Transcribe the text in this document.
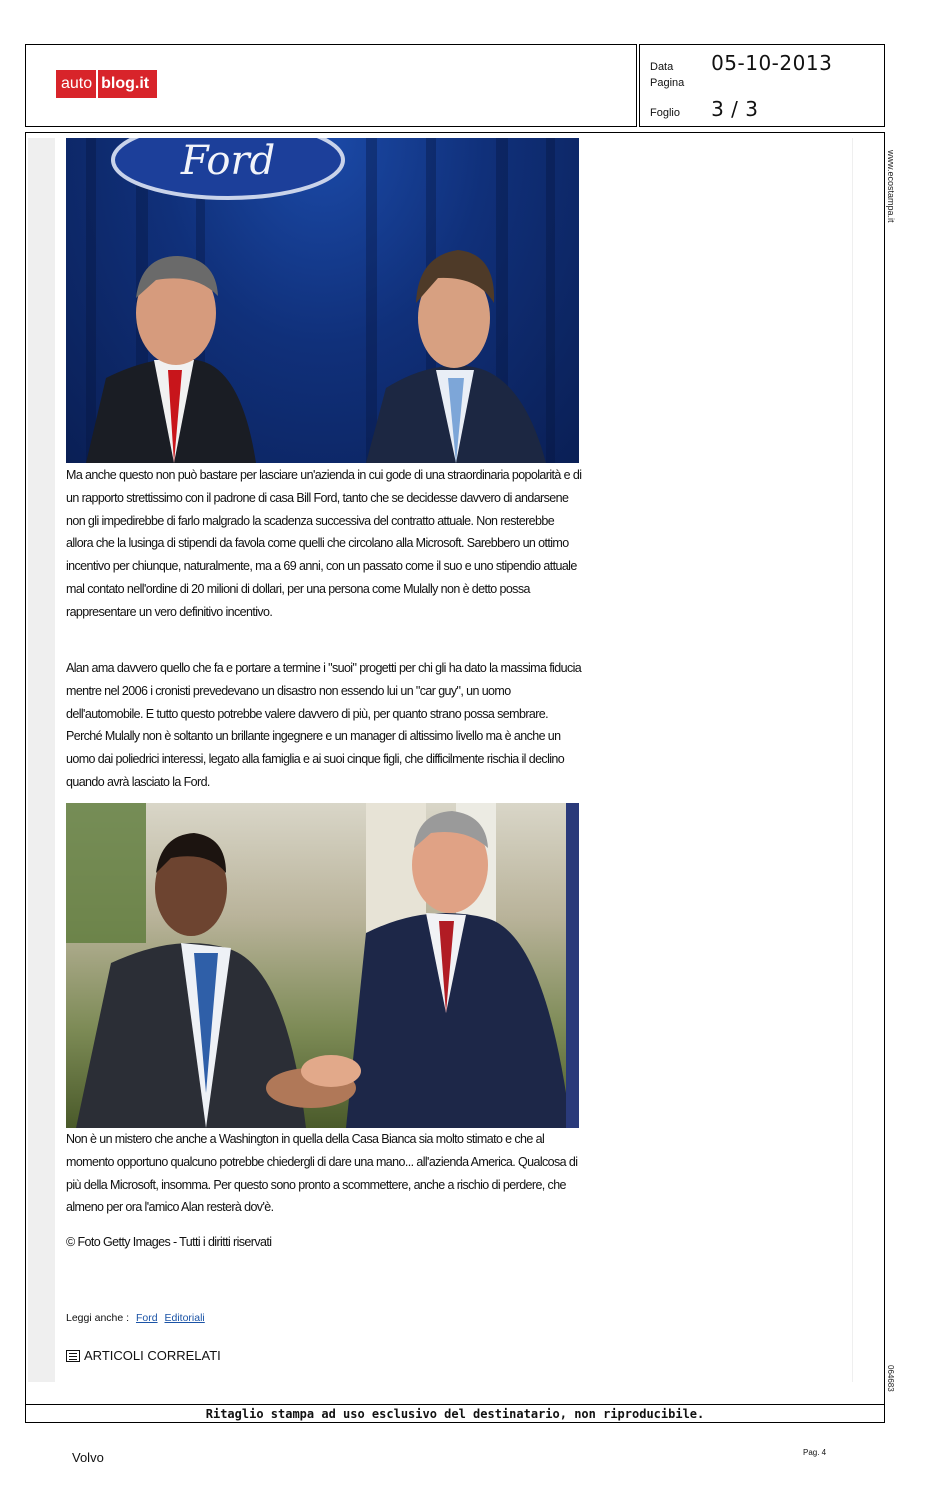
auto blog.it
Data 05-10-2013
Pagina
Foglio 3 / 3
Ford
Ma anche questo non può bastare per lasciare un'azienda in cui gode di una straordinaria popolarità e di un rapporto strettissimo con il padrone di casa Bill Ford, tanto che se decidesse davvero di andarsene non gli impedirebbe di farlo malgrado la scadenza successiva del contratto attuale. Non resterebbe allora che la lusinga di stipendi da favola come quelli che circolano alla Microsoft. Sarebbero un ottimo incentivo per chiunque, naturalmente, ma a 69 anni, con un passato come il suo e uno stipendio attuale mal contato nell'ordine di 20 milioni di dollari, per una persona come Mulally non è detto possa rappresentare un vero definitivo incentivo.
Alan ama davvero quello che fa e portare a termine i "suoi" progetti per chi gli ha dato la massima fiducia mentre nel 2006 i cronisti prevedevano un disastro non essendo lui un "car guy", un uomo dell'automobile. E tutto questo potrebbe valere davvero di più, per quanto strano possa sembrare. Perché Mulally non è soltanto un brillante ingegnere e un manager di altissimo livello ma è anche un uomo dai poliedrici interessi, legato alla famiglia e ai suoi cinque figli, che difficilmente rischia il declino quando avrà lasciato la Ford.
Non è un mistero che anche a Washington in quella della Casa Bianca sia molto stimato e che al momento opportuno qualcuno potrebbe chiedergli di dare una mano... all'azienda America. Qualcosa di più della Microsoft, insomma. Per questo sono pronto a scommettere, anche a rischio di perdere, che almeno per ora l'amico Alan resterà dov'è.
© Foto Getty Images - Tutti i diritti riservati
Leggi anche : Ford Editoriali
ARTICOLI CORRELATI
Ritaglio stampa ad uso esclusivo del destinatario, non riproducibile.
www.ecostampa.it
064683
Volvo	Pag. 4
